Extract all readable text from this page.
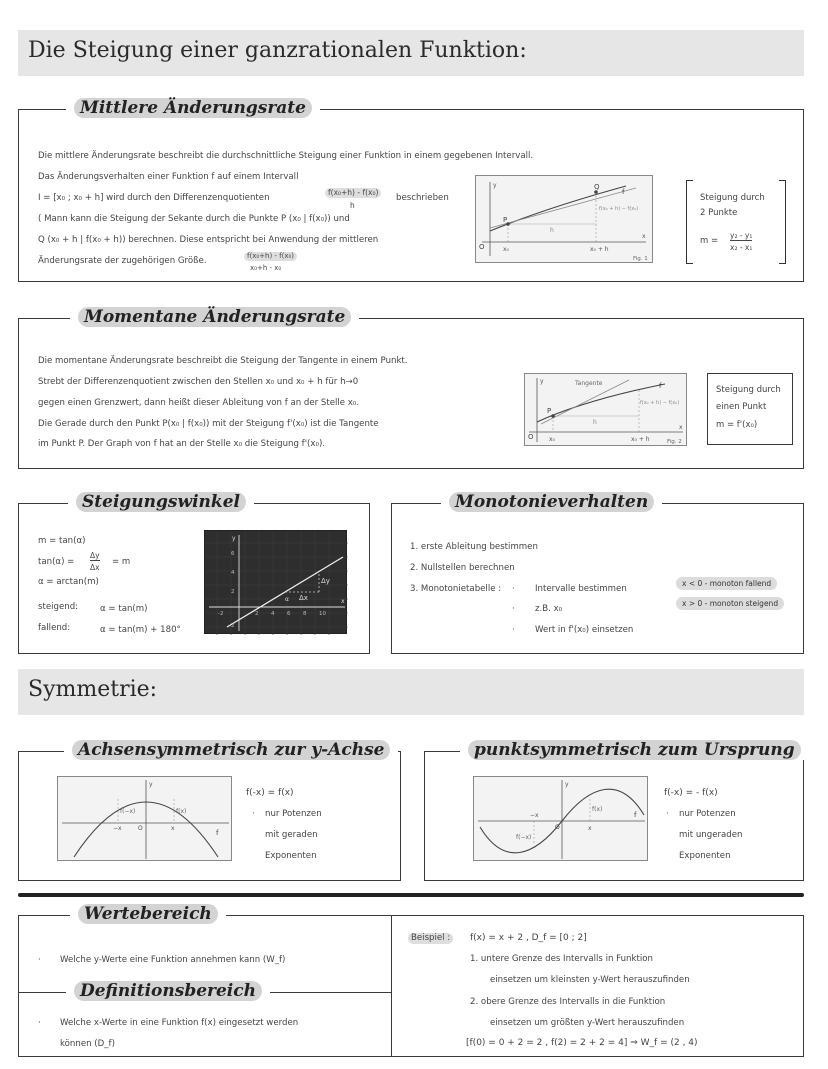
Die Steigung einer ganzrationalen Funktion:
Mittlere Änderungsrate
Die mittlere Änderungsrate beschreibt die durchschnittliche Steigung einer Funktion in einem gegebenen Intervall.
Das Änderungsverhalten einer Funktion f auf einem Intervall
I = [x₀ ; x₀ + h] wird durch den Differenzenquotienten
f(x₀+h) - f(x₀)
h
beschrieben
( Mann kann die Steigung der Sekante durch die Punkte P (x₀ | f(x₀)) und
Q (x₀ + h | f(x₀ + h)) berechnen. Diese entspricht bei Anwendung der mittleren
Änderungsrate der zugehörigen Größe.	f(x₀+h) - f(x₀)
x₀+h - x₀
O
P
Q
f
h
f(x₀ + h) − f(x₀)
x₀	x₀ + h
x
y
Fig. 1
Steigung durch
2 Punkte
m =
y₂ - y₁
x₂ - x₁
Momentane Änderungsrate
Die momentane Änderungsrate beschreibt die Steigung der Tangente in einem Punkt.
Strebt der Differenzenquotient zwischen den Stellen x₀ und x₀ + h für h→0
gegen einen Grenzwert, dann heißt dieser Ableitung von f an der Stelle x₀.
Die Gerade durch den Punkt P(x₀ | f(x₀)) mit der Steigung f'(x₀) ist die Tangente
im Punkt P. Der Graph von f hat an der Stelle x₀ die Steigung f'(x₀).
Tangente	f
P
h
f(x₀ + h) − f(x₀)
O	x₀	x₀ + h
x
y
Fig. 2
Steigung durch
einen Punkt
m = f'(x₀)
Steigungswinkel
m = tan(α)
tan(α) =
Δy
Δx
= m
α = arctan(m)
steigend:	α = tan(m)
fallend:	α = tan(m) + 180°
Δy
Δx
α
y
x
6
4
2
-2
-2	2 4 6 8 10
Monotonieverhalten
1. erste Ableitung bestimmen
2. Nullstellen berechnen
3. Monotonietabelle : · Intervalle bestimmen
· z.B. x₀
· Wert in f'(x₀) einsetzen
x < 0 - monoton fallend
x > 0 - monoton steigend
Symmetrie:
Achsensymmetrisch zur y-Achse
f(−x)	f(x)
−x	x
O
f
y
f(-x) = f(x)
· nur Potenzen
mit geraden
Exponenten
punktsymmetrisch zum Ursprung
f(−x)
f(x)
−x
x
O
f
y
f(-x) = - f(x)
· nur Potenzen
mit ungeraden
Exponenten
Wertebereich
· Welche y-Werte eine Funktion annehmen kann (W_f)
Definitionsbereich
· Welche x-Werte in eine Funktion f(x) eingesetzt werden
können (D_f)
Beispiel :	f(x) = x + 2 , D_f = [0 ; 2]
1. untere Grenze des Intervalls in Funktion
einsetzen um kleinsten y-Wert herauszufinden
2. obere Grenze des Intervalls in die Funktion
einsetzen um größten y-Wert herauszufinden
[f(0) = 0 + 2 = 2 , f(2) = 2 + 2 = 4] ⇒ W_f = (2 , 4)
